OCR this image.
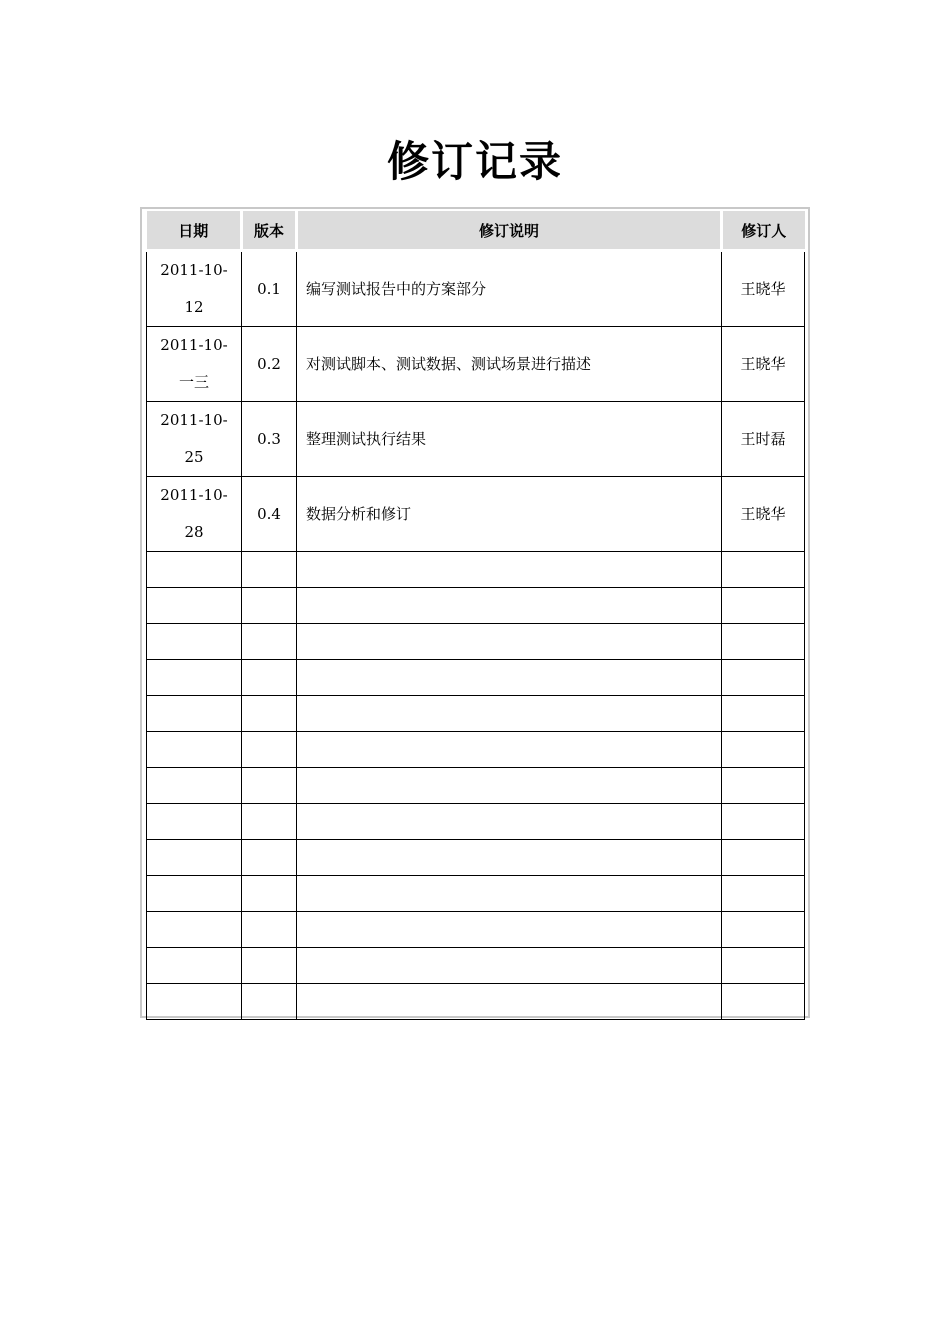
修订记录
日期	版本	修订说明	修订人
2011-10-
12	0.1	编写测试报告中的方案部分	王晓华
2011-10-
一三	0.2	对测试脚本、测试数据、测试场景进行描述	王晓华
2011-10-
25	0.3	整理测试执行结果	王时磊
2011-10-
28	0.4	数据分析和修订	王晓华
